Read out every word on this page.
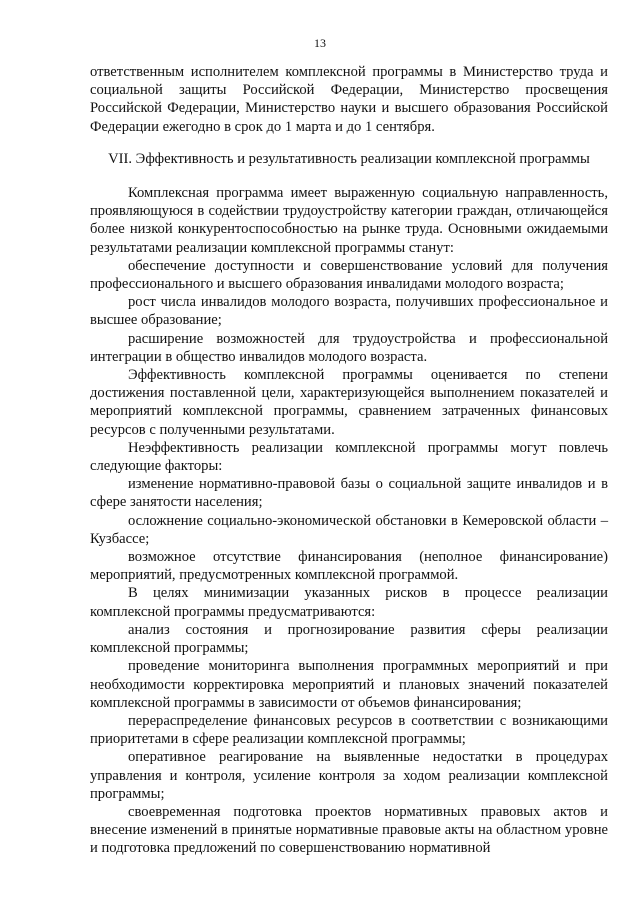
13

ответственным исполнителем комплексной программы в Министерство труда и социальной защиты Российской Федерации, Министерство просвещения Российской Федерации, Министерство науки и высшего образования Российской Федерации ежегодно в срок до 1 марта и до 1 сентября.

VII. Эффективность и результативность реализации комплексной программы

Комплексная программа имеет выраженную социальную направленность, проявляющуюся в содействии трудоустройству категории граждан, отличающейся более низкой конкурентоспособностью на рынке труда. Основными ожидаемыми результатами реализации комплексной программы станут:

обеспечение доступности и совершенствование условий для получения профессионального и высшего образования инвалидами молодого возраста;

рост числа инвалидов молодого возраста, получивших профессиональное и высшее образование;

расширение возможностей для трудоустройства и профессиональной интеграции в общество инвалидов молодого возраста.

Эффективность комплексной программы оценивается по степени достижения поставленной цели, характеризующейся выполнением показателей и мероприятий комплексной программы, сравнением затраченных финансовых ресурсов с полученными результатами.

Неэффективность реализации комплексной программы могут повлечь следующие факторы:

изменение нормативно-правовой базы о социальной защите инвалидов и в сфере занятости населения;

осложнение социально-экономической обстановки в Кемеровской области – Кузбассе;

возможное отсутствие финансирования (неполное финансирование) мероприятий, предусмотренных комплексной программой.

В целях минимизации указанных рисков в процессе реализации комплексной программы предусматриваются:

анализ состояния и прогнозирование развития сферы реализации комплексной программы;

проведение мониторинга выполнения программных мероприятий и при необходимости корректировка мероприятий и плановых значений показателей комплексной программы в зависимости от объемов финансирования;

перераспределение финансовых ресурсов в соответствии с возникающими приоритетами в сфере реализации комплексной программы;

оперативное реагирование на выявленные недостатки в процедурах управления и контроля, усиление контроля за ходом реализации комплексной программы;

своевременная подготовка проектов нормативных правовых актов и внесение изменений в принятые нормативные правовые акты на областном уровне и подготовка предложений по совершенствованию нормативной
